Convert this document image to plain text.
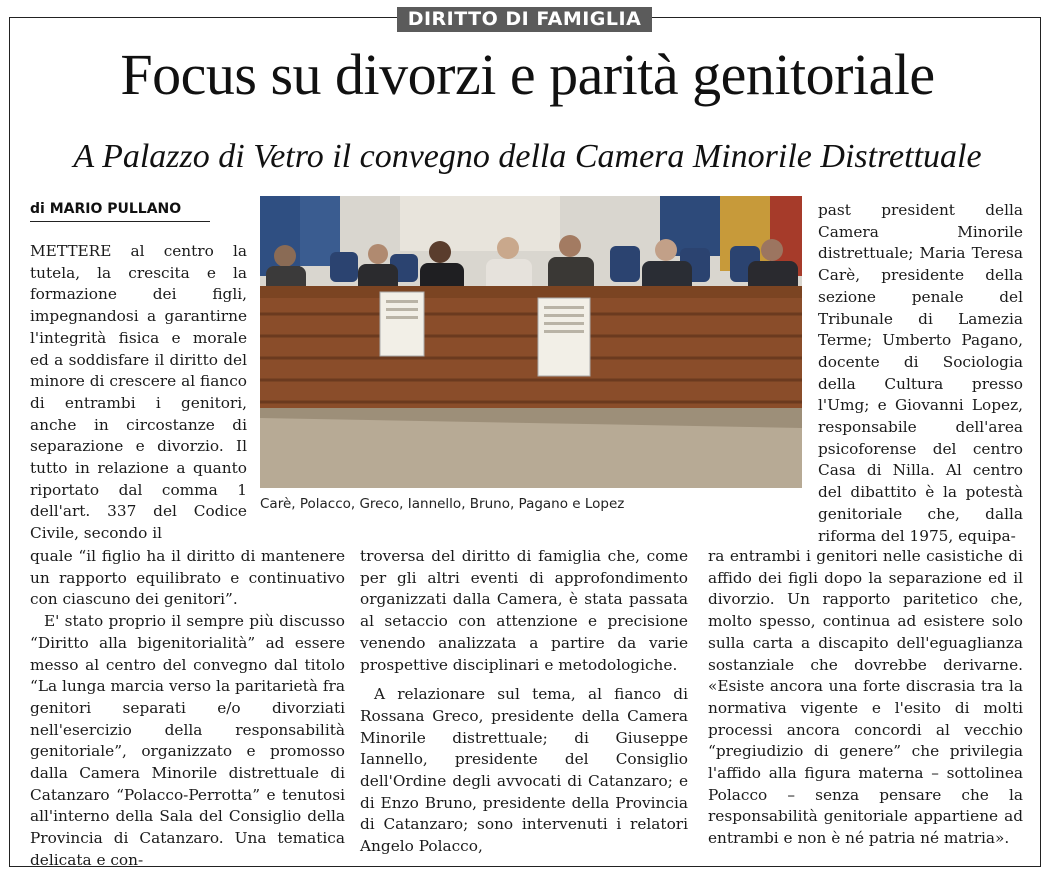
DIRITTO DI FAMIGLIA
Focus su divorzi e parità genitoriale
A Palazzo di Vetro il convegno della Camera Minorile Distrettuale
di MARIO PULLANO
Carè, Polacco, Greco, Iannello, Bruno, Pagano e Lopez

METTERE al centro la tutela, la crescita e la formazione dei figli, impegnandosi a garantirne l'integrità fisica e morale ed a soddisfare il diritto del minore di crescere al fianco di entrambi i genitori, anche in circostanze di separazione e divorzio. Il tutto in relazione a quanto riportato dal comma 1 dell'art. 337 del Codice Civile, secondo il

quale “il figlio ha il diritto di mantenere un rapporto equilibrato e continuativo con ciascuno dei genitori”.

E' stato proprio il sempre più discusso “Diritto alla bigenitorialità” ad essere messo al centro del convegno dal titolo “La lunga marcia verso la paritarietà fra genitori separati e/o divorziati nell'esercizio della responsabilità genitoriale”, organizzato e promosso dalla Camera Minorile distrettuale di Catanzaro “Polacco-Perrotta” e tenutosi all'interno della Sala del Consiglio della Provincia di Catanzaro. Una tematica delicata e con-

troversa del diritto di famiglia che, come per gli altri eventi di approfondimento organizzati dalla Camera, è stata passata al setaccio con attenzione e precisione venendo analizzata a partire da varie prospettive disciplinari e metodologiche.

A relazionare sul tema, al fianco di Rossana Greco, presidente della Camera Minorile distrettuale; di Giuseppe Iannello, presidente del Consiglio dell'Ordine degli avvocati di Catanzaro; e di Enzo Bruno, presidente della Provincia di Catanzaro; sono intervenuti i relatori Angelo Polacco,

past president della Camera Minorile distrettuale; Maria Teresa Carè, presidente della sezione penale del Tribunale di Lamezia Terme; Umberto Pagano, docente di Sociologia della Cultura presso l'Umg; e Giovanni Lopez, responsabile dell'area psicoforense del centro Casa di Nilla. Al centro del dibattito è la potestà genitoriale che, dalla riforma del 1975, equipa-

ra entrambi i genitori nelle casistiche di affido dei figli dopo la separazione ed il divorzio. Un rapporto paritetico che, molto spesso, continua ad esistere solo sulla carta a discapito dell'eguaglianza sostanziale che dovrebbe derivarne. «Esiste ancora una forte discrasia tra la normativa vigente e l'esito di molti processi ancora concordi al vecchio “pregiudizio di genere” che privilegia l'affido alla figura materna – sottolinea Polacco – senza pensare che la responsabilità genitoriale appartiene ad entrambi e non è né patria né matria».
